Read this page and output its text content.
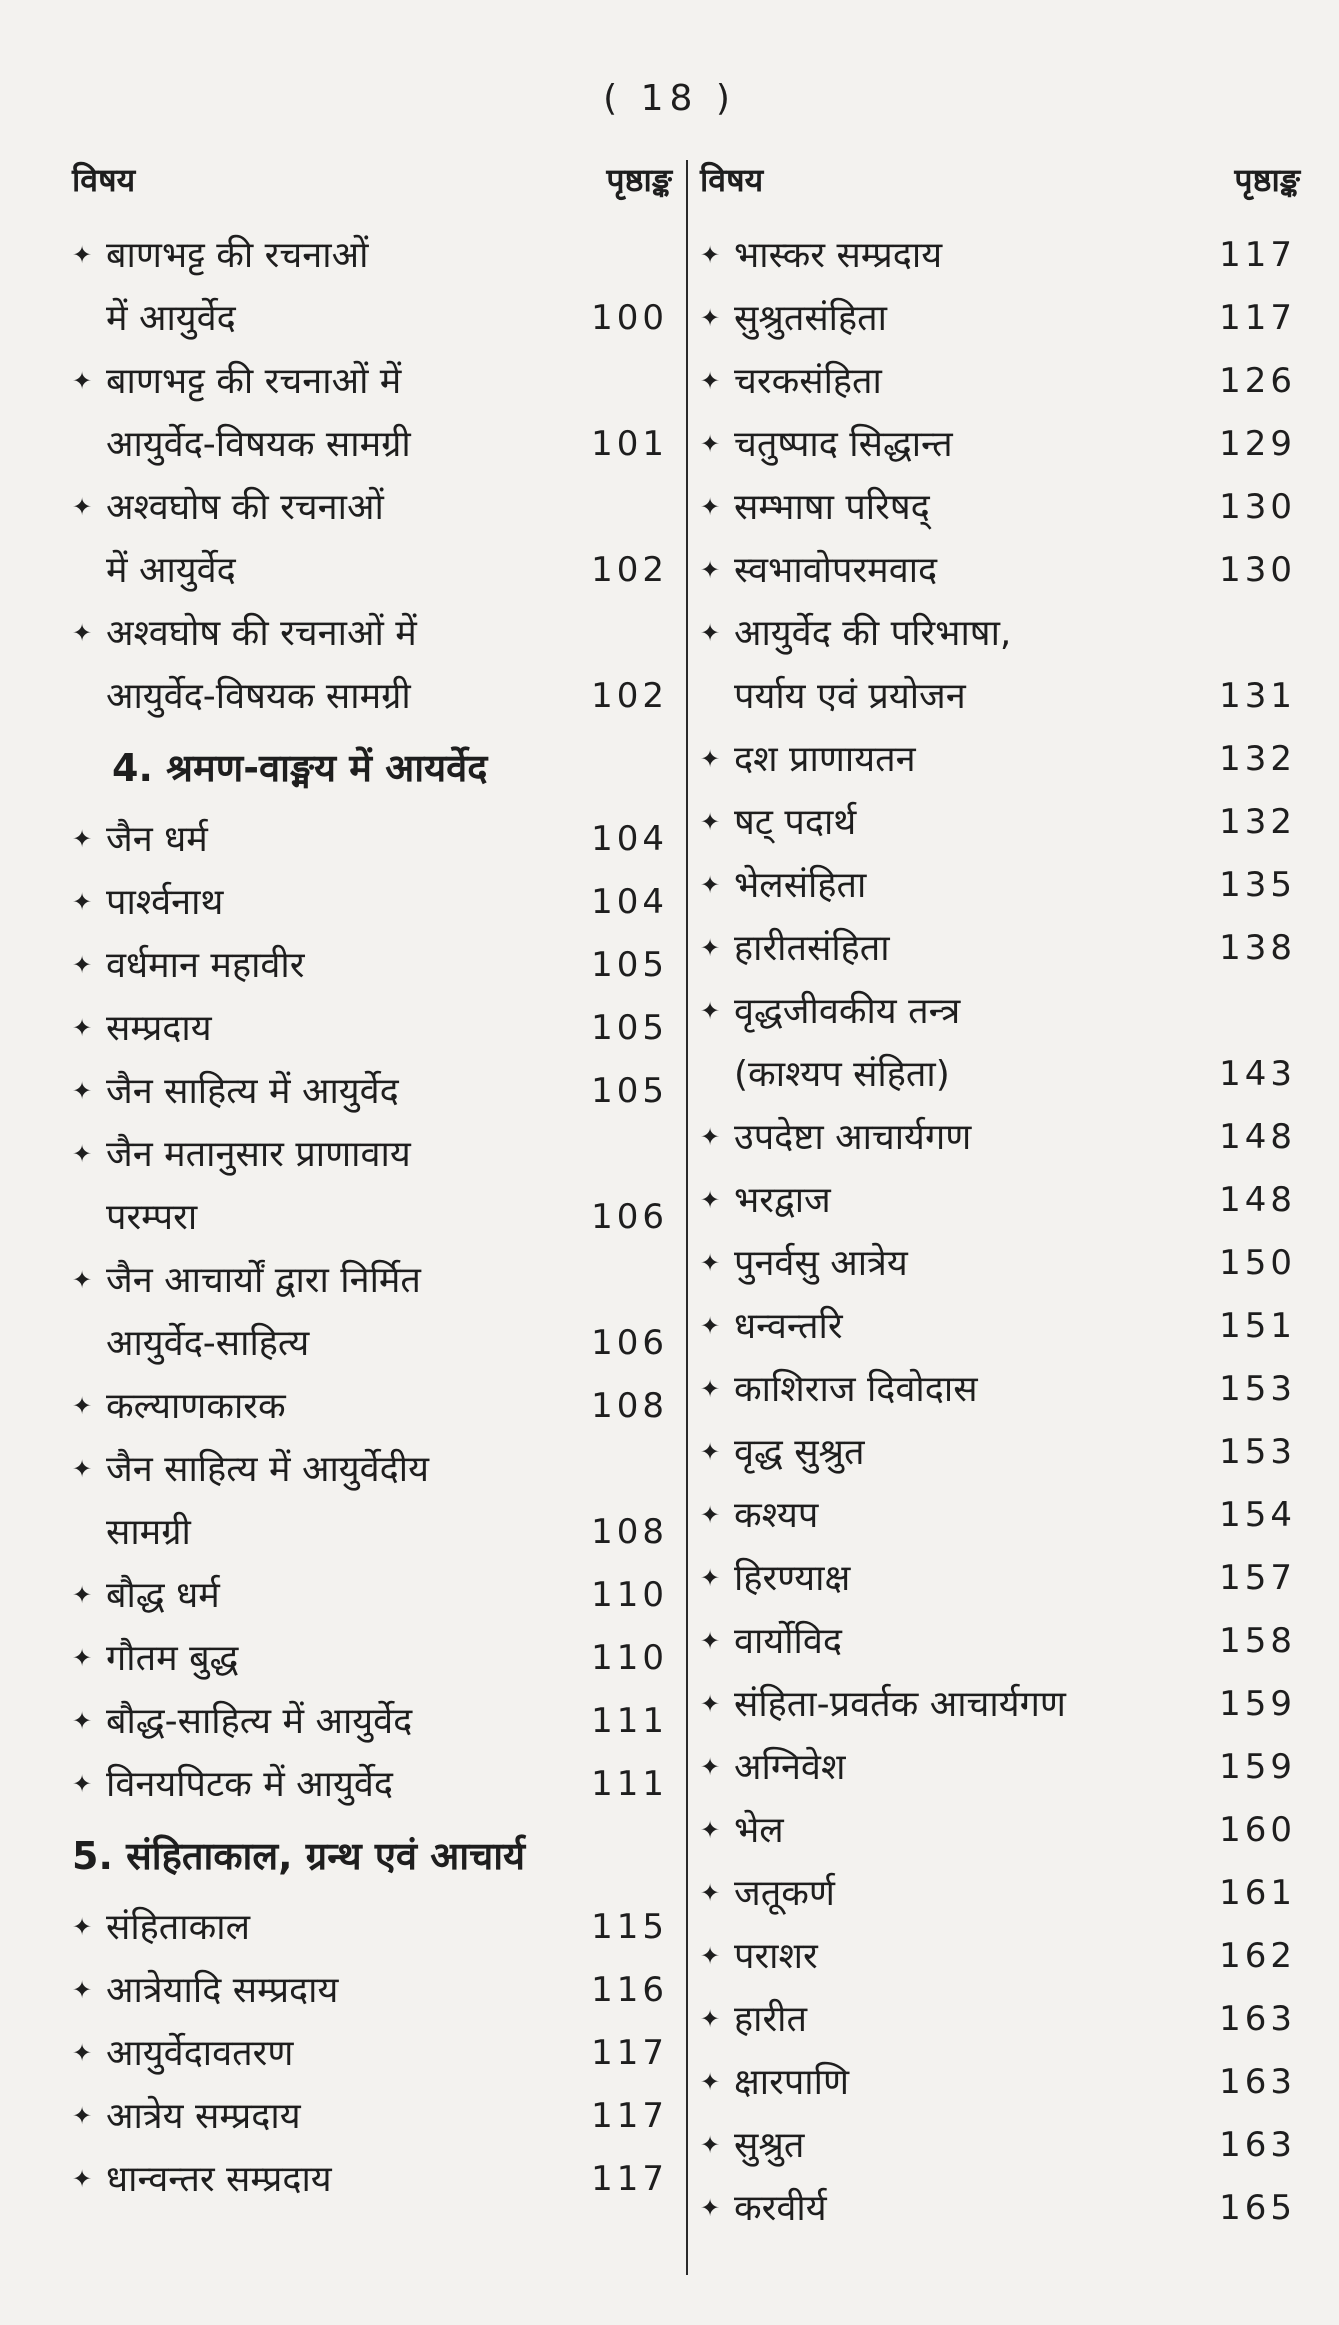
( 18 )
विषय	पृष्ठाङ्क
✦ बाणभट्ट की रचनाओं
में आयुर्वेद	100
✦ बाणभट्ट की रचनाओं में
आयुर्वेद-विषयक सामग्री	101
✦ अश्वघोष की रचनाओं
में आयुर्वेद	102
✦ अश्वघोष की रचनाओं में
आयुर्वेद-विषयक सामग्री	102
4. श्रमण-वाङ्मय में आयर्वेद
✦ जैन धर्म	104
✦ पार्श्वनाथ	104
✦ वर्धमान महावीर	105
✦ सम्प्रदाय	105
✦ जैन साहित्य में आयुर्वेद	105
✦ जैन मतानुसार प्राणावाय
परम्परा	106
✦ जैन आचार्यों द्वारा निर्मित
आयुर्वेद-साहित्य	106
✦ कल्याणकारक	108
✦ जैन साहित्य में आयुर्वेदीय
सामग्री	108
✦ बौद्ध धर्म	110
✦ गौतम बुद्ध	110
✦ बौद्ध-साहित्य में आयुर्वेद	111
✦ विनयपिटक में आयुर्वेद	111
5. संहिताकाल, ग्रन्थ एवं आचार्य
✦ संहिताकाल	115
✦ आत्रेयादि सम्प्रदाय	116
✦ आयुर्वेदावतरण	117
✦ आत्रेय सम्प्रदाय	117
✦ धान्वन्तर सम्प्रदाय	117
विषय	पृष्ठाङ्क
✦ भास्कर सम्प्रदाय	117
✦ सुश्रुतसंहिता	117
✦ चरकसंहिता	126
✦ चतुष्पाद सिद्धान्त	129
✦ सम्भाषा परिषद्	130
✦ स्वभावोपरमवाद	130
✦ आयुर्वेद की परिभाषा,
पर्याय एवं प्रयोजन	131
✦ दश प्राणायतन	132
✦ षट् पदार्थ	132
✦ भेलसंहिता	135
✦ हारीतसंहिता	138
✦ वृद्धजीवकीय तन्त्र
(काश्यप संहिता)	143
✦ उपदेष्टा आचार्यगण	148
✦ भरद्वाज	148
✦ पुनर्वसु आत्रेय	150
✦ धन्वन्तरि	151
✦ काशिराज दिवोदास	153
✦ वृद्ध सुश्रुत	153
✦ कश्यप	154
✦ हिरण्याक्ष	157
✦ वार्योविद	158
✦ संहिता-प्रवर्तक आचार्यगण	159
✦ अग्निवेश	159
✦ भेल	160
✦ जतूकर्ण	161
✦ पराशर	162
✦ हारीत	163
✦ क्षारपाणि	163
✦ सुश्रुत	163
✦ करवीर्य	165
